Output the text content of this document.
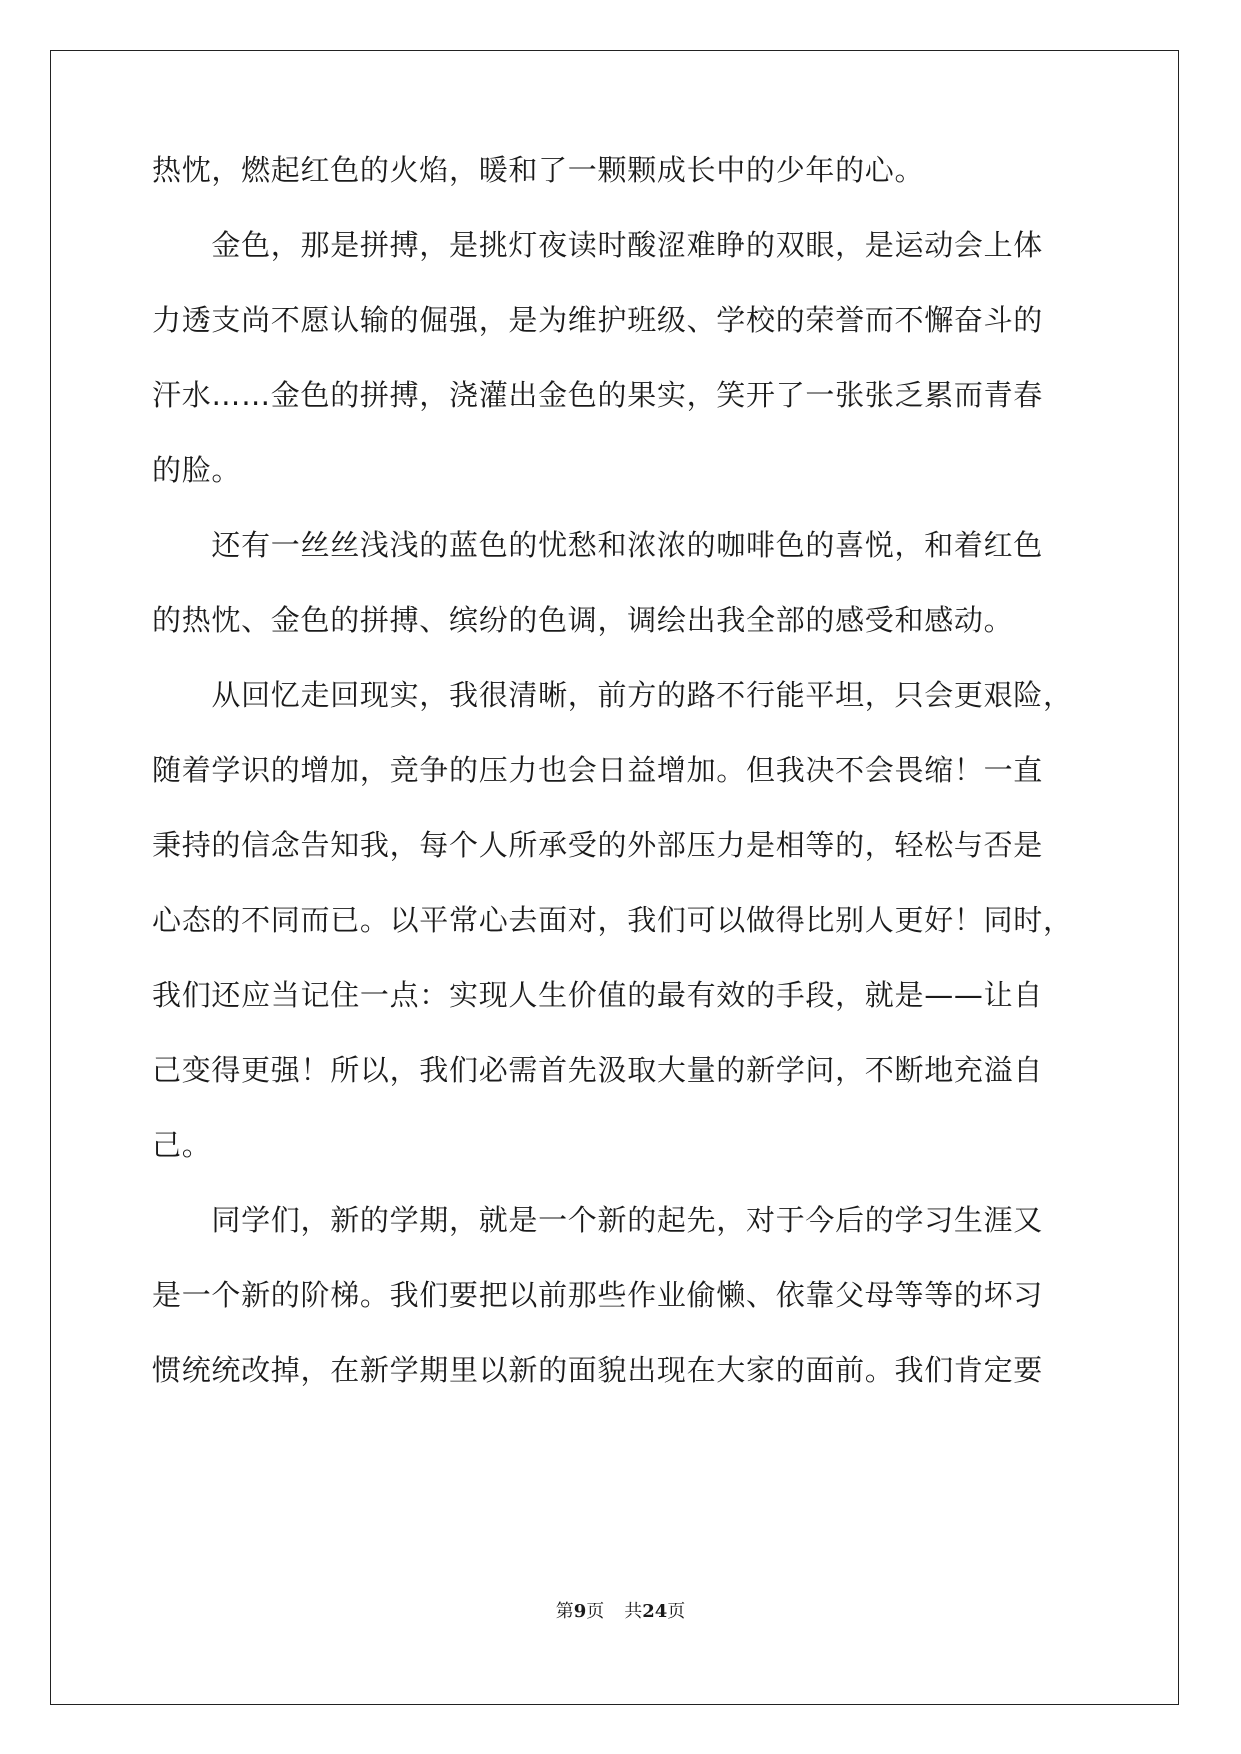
热忱，燃起红色的火焰，暖和了一颗颗成长中的少年的心。
　　金色，那是拼搏，是挑灯夜读时酸涩难睁的双眼，是运动会上体
力透支尚不愿认输的倔强，是为维护班级、学校的荣誉而不懈奋斗的
汗水……金色的拼搏，浇灌出金色的果实，笑开了一张张乏累而青春
的脸。
　　还有一丝丝浅浅的蓝色的忧愁和浓浓的咖啡色的喜悦，和着红色
的热忱、金色的拼搏、缤纷的色调，调绘出我全部的感受和感动。
　　从回忆走回现实，我很清晰，前方的路不行能平坦，只会更艰险，
随着学识的增加，竞争的压力也会日益增加。但我决不会畏缩！一直
秉持的信念告知我，每个人所承受的外部压力是相等的，轻松与否是
心态的不同而已。以平常心去面对，我们可以做得比别人更好！同时，
我们还应当记住一点：实现人生价值的最有效的手段，就是——让自
己变得更强！所以，我们必需首先汲取大量的新学问，不断地充溢自
己。
　　同学们，新的学期，就是一个新的起先，对于今后的学习生涯又
是一个新的阶梯。我们要把以前那些作业偷懒、依靠父母等等的坏习
惯统统改掉，在新学期里以新的面貌出现在大家的面前。我们肯定要
第9页 共24页
